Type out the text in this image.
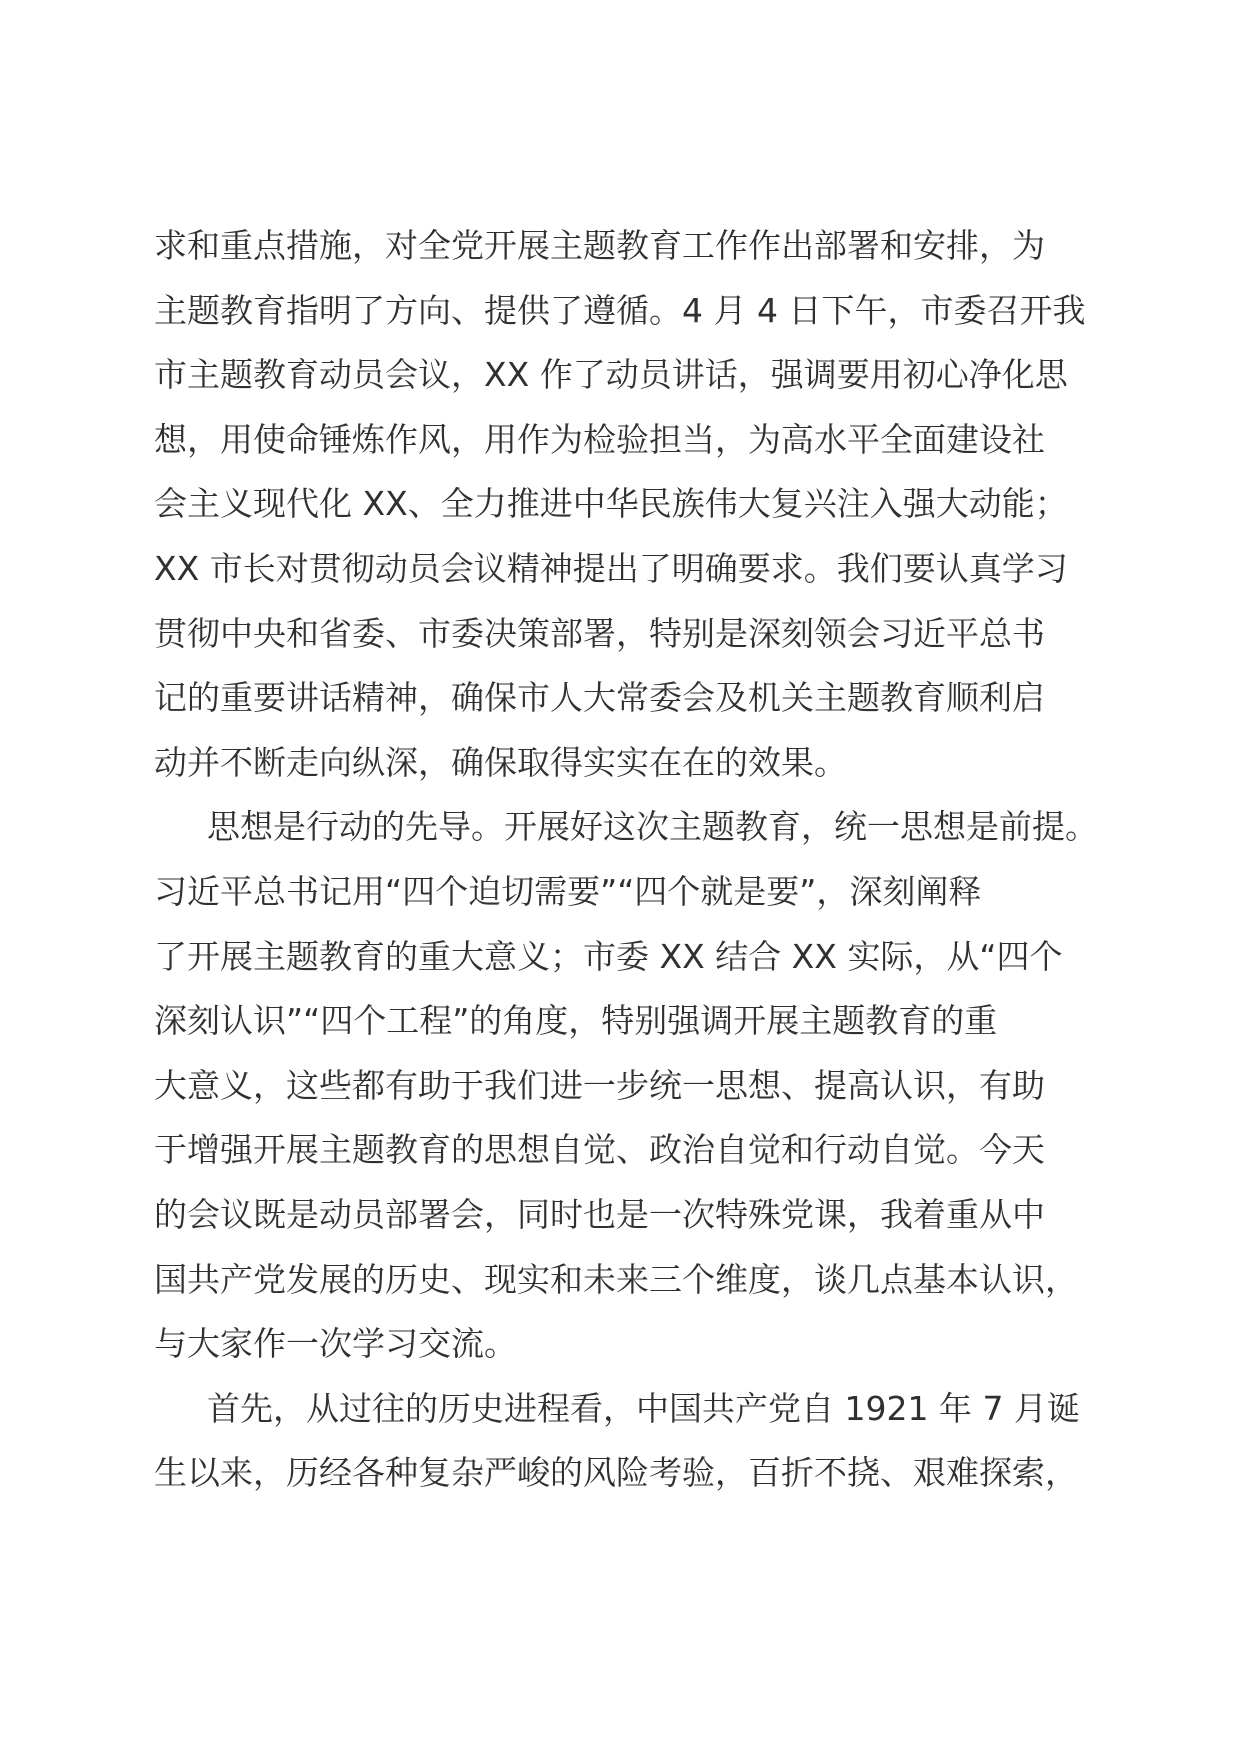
求和重点措施，对全党开展主题教育工作作出部署和安排，为
主题教育指明了方向、提供了遵循。4 月 4 日下午，市委召开我
市主题教育动员会议，XX 作了动员讲话，强调要用初心净化思
想，用使命锤炼作风，用作为检验担当，为高水平全面建设社
会主义现代化 XX、全力推进中华民族伟大复兴注入强大动能；
XX 市长对贯彻动员会议精神提出了明确要求。我们要认真学习
贯彻中央和省委、市委决策部署，特别是深刻领会习近平总书
记的重要讲话精神，确保市人大常委会及机关主题教育顺利启
动并不断走向纵深，确保取得实实在在的效果。
思想是行动的先导。开展好这次主题教育，统一思想是前提。
习近平总书记用“四个迫切需要”“四个就是要”，深刻阐释
了开展主题教育的重大意义；市委 XX 结合 XX 实际，从“四个
深刻认识”“四个工程”的角度，特别强调开展主题教育的重
大意义，这些都有助于我们进一步统一思想、提高认识，有助
于增强开展主题教育的思想自觉、政治自觉和行动自觉。今天
的会议既是动员部署会，同时也是一次特殊党课，我着重从中
国共产党发展的历史、现实和未来三个维度，谈几点基本认识，
与大家作一次学习交流。
首先，从过往的历史进程看，中国共产党自 1921 年 7 月诞
生以来，历经各种复杂严峻的风险考验，百折不挠、艰难探索，
